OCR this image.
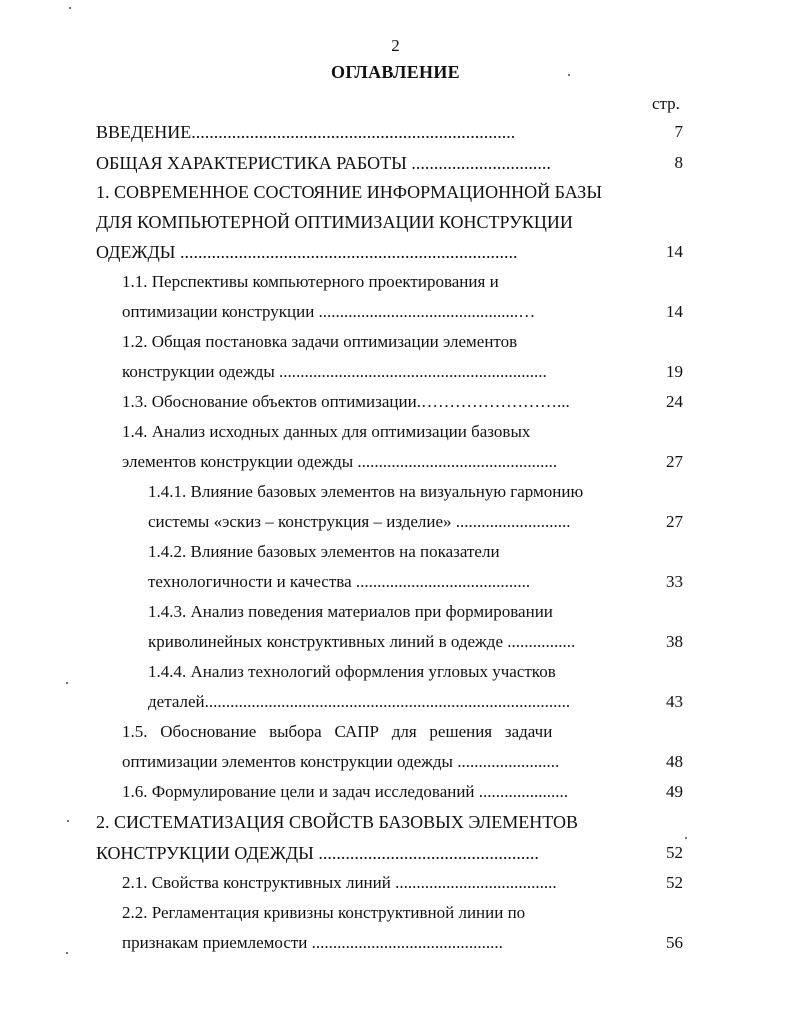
2
ОГЛАВЛЕНИЕ
стр.
ВВЕДЕНИЕ........................................................................	7
ОБЩАЯ ХАРАКТЕРИСТИКА РАБОТЫ ...............................	8
1. СОВРЕМЕННОЕ СОСТОЯНИЕ ИНФОРМАЦИОННОЙ БАЗЫ
ДЛЯ КОМПЬЮТЕРНОЙ ОПТИМИЗАЦИИ КОНСТРУКЦИИ
ОДЕЖДЫ ...........................................................................	14
1.1. Перспективы компьютерного проектирования и
оптимизации конструкции ...............................................…	14
1.2. Общая постановка задачи оптимизации элементов
конструкции одежды ...............................................................	19
1.3. Обоснование объектов оптимизации.……………………...	24
1.4. Анализ исходных данных для оптимизации базовых
элементов конструкции одежды ...............................................	27
1.4.1. Влияние базовых элементов на визуальную гармонию
системы «эскиз – конструкция – изделие» ...........................	27
1.4.2. Влияние базовых элементов на показатели
технологичности и качества .........................................	33
1.4.3. Анализ поведения материалов при формировании
криволинейных конструктивных линий в одежде ................	38
1.4.4. Анализ технологий оформления угловых участков
деталей......................................................................................	43
1.5.   Обоснование   выбора   САПР   для   решения   задачи
оптимизации элементов конструкции одежды ........................	48
1.6. Формулирование цели и задач исследований .....................	49
2. СИСТЕМАТИЗАЦИЯ СВОЙСТВ БАЗОВЫХ ЭЛЕМЕНТОВ
КОНСТРУКЦИИ ОДЕЖДЫ .................................................	52
2.1. Свойства конструктивных линий ......................................	52
2.2. Регламентация кривизны конструктивной линии по
признакам приемлемости .............................................	56
